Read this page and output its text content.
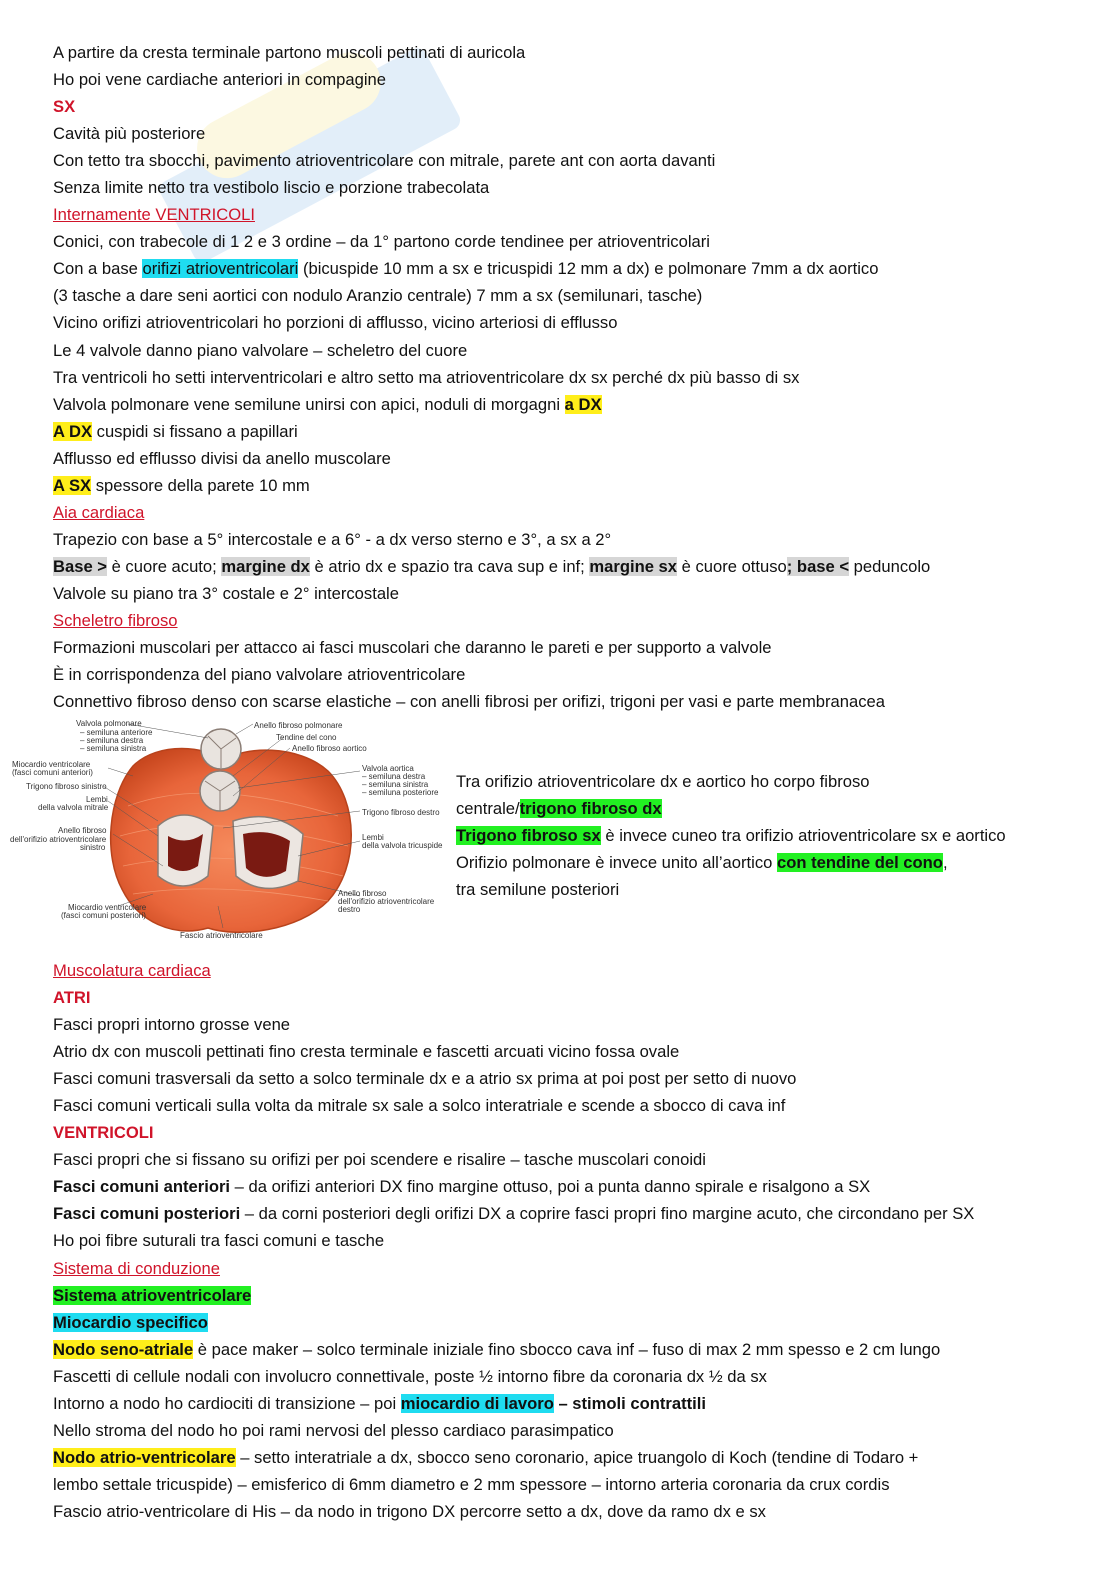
A partire da cresta terminale partono muscoli pettinati di auricola
Ho poi vene cardiache anteriori in compagine
SX
Cavità più posteriore
Con tetto tra sbocchi, pavimento atrioventricolare con mitrale, parete ant con aorta davanti
Senza limite netto tra vestibolo liscio e porzione trabecolata
Internamente VENTRICOLI
Conici, con trabecole di 1 2 e 3 ordine – da 1° partono corde tendinee per atrioventricolari
Con a base orifizi atrioventricolari (bicuspide 10 mm a sx e tricuspidi 12 mm a dx) e polmonare 7mm a dx aortico
(3 tasche a dare seni aortici con nodulo Aranzio centrale) 7 mm a sx (semilunari, tasche)
Vicino orifizi atrioventricolari ho porzioni di afflusso, vicino arteriosi di efflusso
Le 4 valvole danno piano valvolare – scheletro del cuore
Tra ventricoli ho setti interventricolari e altro setto ma atrioventricolare dx sx perché dx più basso di sx
Valvola polmonare vene semilune unirsi con apici, noduli di morgagni a DX
A DX cuspidi si fissano a papillari
Afflusso ed efflusso divisi da anello muscolare
A SX spessore della parete 10 mm
Aia cardiaca
Trapezio con base a 5° intercostale e a 6° - a dx verso sterno e 3°, a sx a 2°
Base > è cuore acuto; margine dx è atrio dx e spazio tra cava sup e inf; margine sx è cuore ottuso; base < peduncolo
Valvole su piano tra 3° costale e 2° intercostale
Scheletro fibroso
Formazioni muscolari per attacco ai fasci muscolari che daranno le pareti e per supporto a valvole
È in corrispondenza del piano valvolare atrioventricolare
Connettivo fibroso denso con scarse elastiche – con anelli fibrosi per orifizi, trigoni per vasi e parte membranacea
Valvola polmonare
– semilunа anteriore
– semiluna destra
– semiluna sinistra
Miocardio ventricolare
(fasci comuni anteriori)
Trigono fibroso sinistro
Lembi
della valvola mitrale
Anello fibroso
dell'orifizio atrioventricolare
sinistro
Miocardio ventricolare
(fasci comuni posteriori)
Anello fibroso polmonare
Tendine del cono
Anello fibroso aortico
Valvola aortica
– semiluna destra
– semiluna sinistra
– semiluna posteriore
Trigono fibroso destro
Lembi
della valvola tricuspide
Anello fibroso
dell'orifizio atrioventricolare
destro
Fascio atrioventricolare
Tra orifizio atrioventricolare dx e aortico ho corpo fibroso
centrale/trigono fibroso dx
Trigono fibroso sx è invece cuneo tra orifizio atrioventricolare sx e aortico
Orifizio polmonare è invece unito all’aortico con tendine del cono,
tra semilune posteriori
Muscolatura cardiaca
ATRI
Fasci propri intorno grosse vene
Atrio dx con muscoli pettinati fino cresta terminale e fascetti arcuati vicino fossa ovale
Fasci comuni trasversali da setto a solco terminale dx e a atrio sx prima at poi post per setto di nuovo
Fasci comuni verticali sulla volta da mitrale sx sale a solco interatriale e scende a sbocco di cava inf
VENTRICOLI
Fasci propri che si fissano su orifizi per poi scendere e risalire – tasche muscolari conoidi
Fasci comuni anteriori – da orifizi anteriori DX fino margine ottuso, poi a punta danno spirale e risalgono a SX
Fasci comuni posteriori – da corni posteriori degli orifizi DX a coprire fasci propri fino margine acuto, che circondano per SX
Ho poi fibre suturali tra fasci comuni e tasche
Sistema di conduzione
Sistema atrioventricolare
Miocardio specifico
Nodo seno-atriale è pace maker – solco terminale iniziale fino sbocco cava inf – fuso di max 2 mm spesso e 2 cm lungo
Fascetti di cellule nodali con involucro connettivale, poste ½ intorno fibre da coronaria dx ½ da sx
Intorno a nodo ho cardiociti di transizione – poi miocardio di lavoro – stimoli contrattili
Nello stroma del nodo ho poi rami nervosi del plesso cardiaco parasimpatico
Nodo atrio-ventricolare – setto interatriale a dx, sbocco seno coronario, apice truangolo di Koch (tendine di Todaro +
lembo settale tricuspide) – emisferico di 6mm diametro e 2 mm spessore – intorno arteria coronaria da crux cordis
Fascio atrio-ventricolare di His – da nodo in trigono DX percorre setto a dx, dove da ramo dx e sx
